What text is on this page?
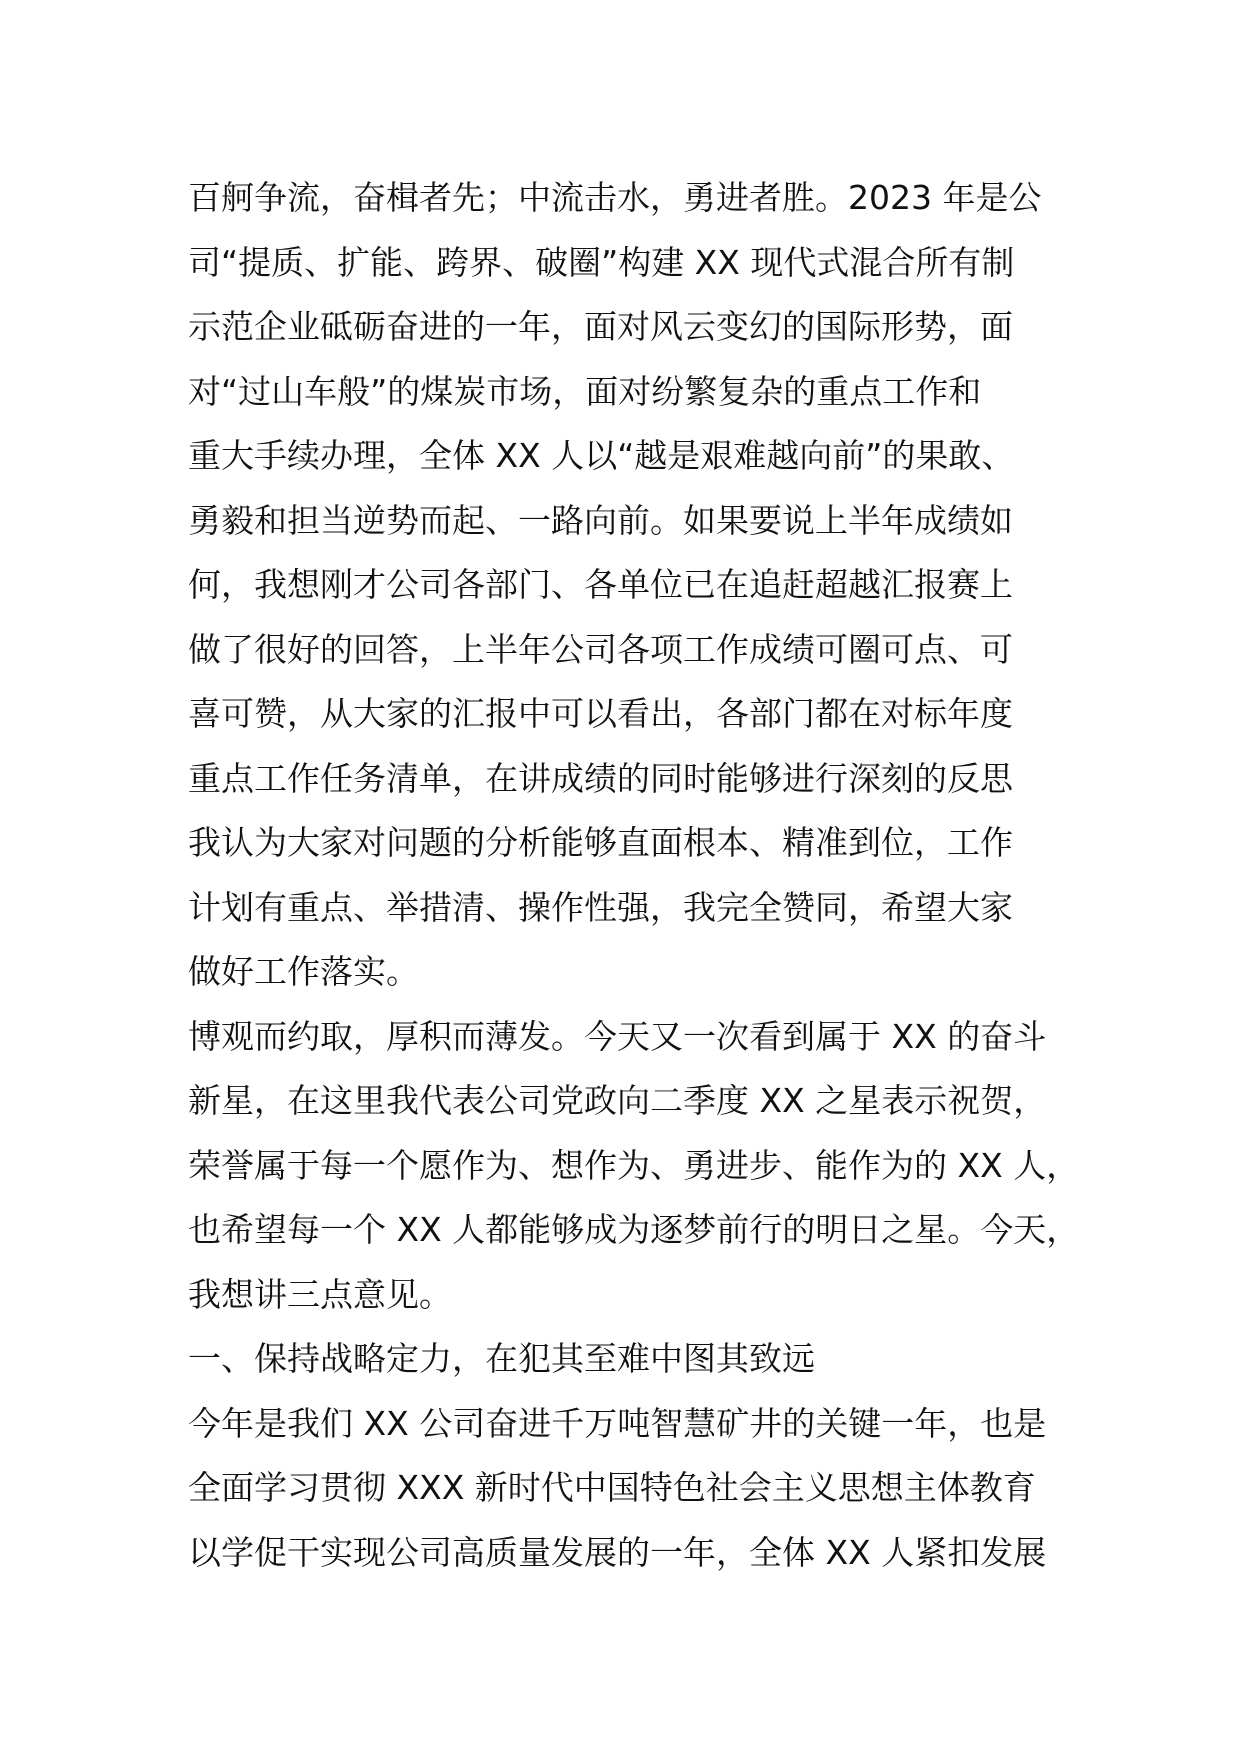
百舸争流，奋楫者先；中流击水，勇进者胜。2023 年是公
司“提质、扩能、跨界、破圈”构建 XX 现代式混合所有制
示范企业砥砺奋进的一年，面对风云变幻的国际形势，面
对“过山车般”的煤炭市场，面对纷繁复杂的重点工作和
重大手续办理，全体 XX 人以“越是艰难越向前”的果敢、
勇毅和担当逆势而起、一路向前。如果要说上半年成绩如
何，我想刚才公司各部门、各单位已在追赶超越汇报赛上
做了很好的回答，上半年公司各项工作成绩可圈可点、可
喜可赞，从大家的汇报中可以看出，各部门都在对标年度
重点工作任务清单，在讲成绩的同时能够进行深刻的反思
我认为大家对问题的分析能够直面根本、精准到位，工作
计划有重点、举措清、操作性强，我完全赞同，希望大家
做好工作落实。
博观而约取，厚积而薄发。今天又一次看到属于 XX 的奋斗
新星，在这里我代表公司党政向二季度 XX 之星表示祝贺，
荣誉属于每一个愿作为、想作为、勇进步、能作为的 XX 人，
也希望每一个 XX 人都能够成为逐梦前行的明日之星。今天，
我想讲三点意见。
一、保持战略定力，在犯其至难中图其致远
今年是我们 XX 公司奋进千万吨智慧矿井的关键一年，也是
全面学习贯彻 XXX 新时代中国特色社会主义思想主体教育
以学促干实现公司高质量发展的一年，全体 XX 人紧扣发展
